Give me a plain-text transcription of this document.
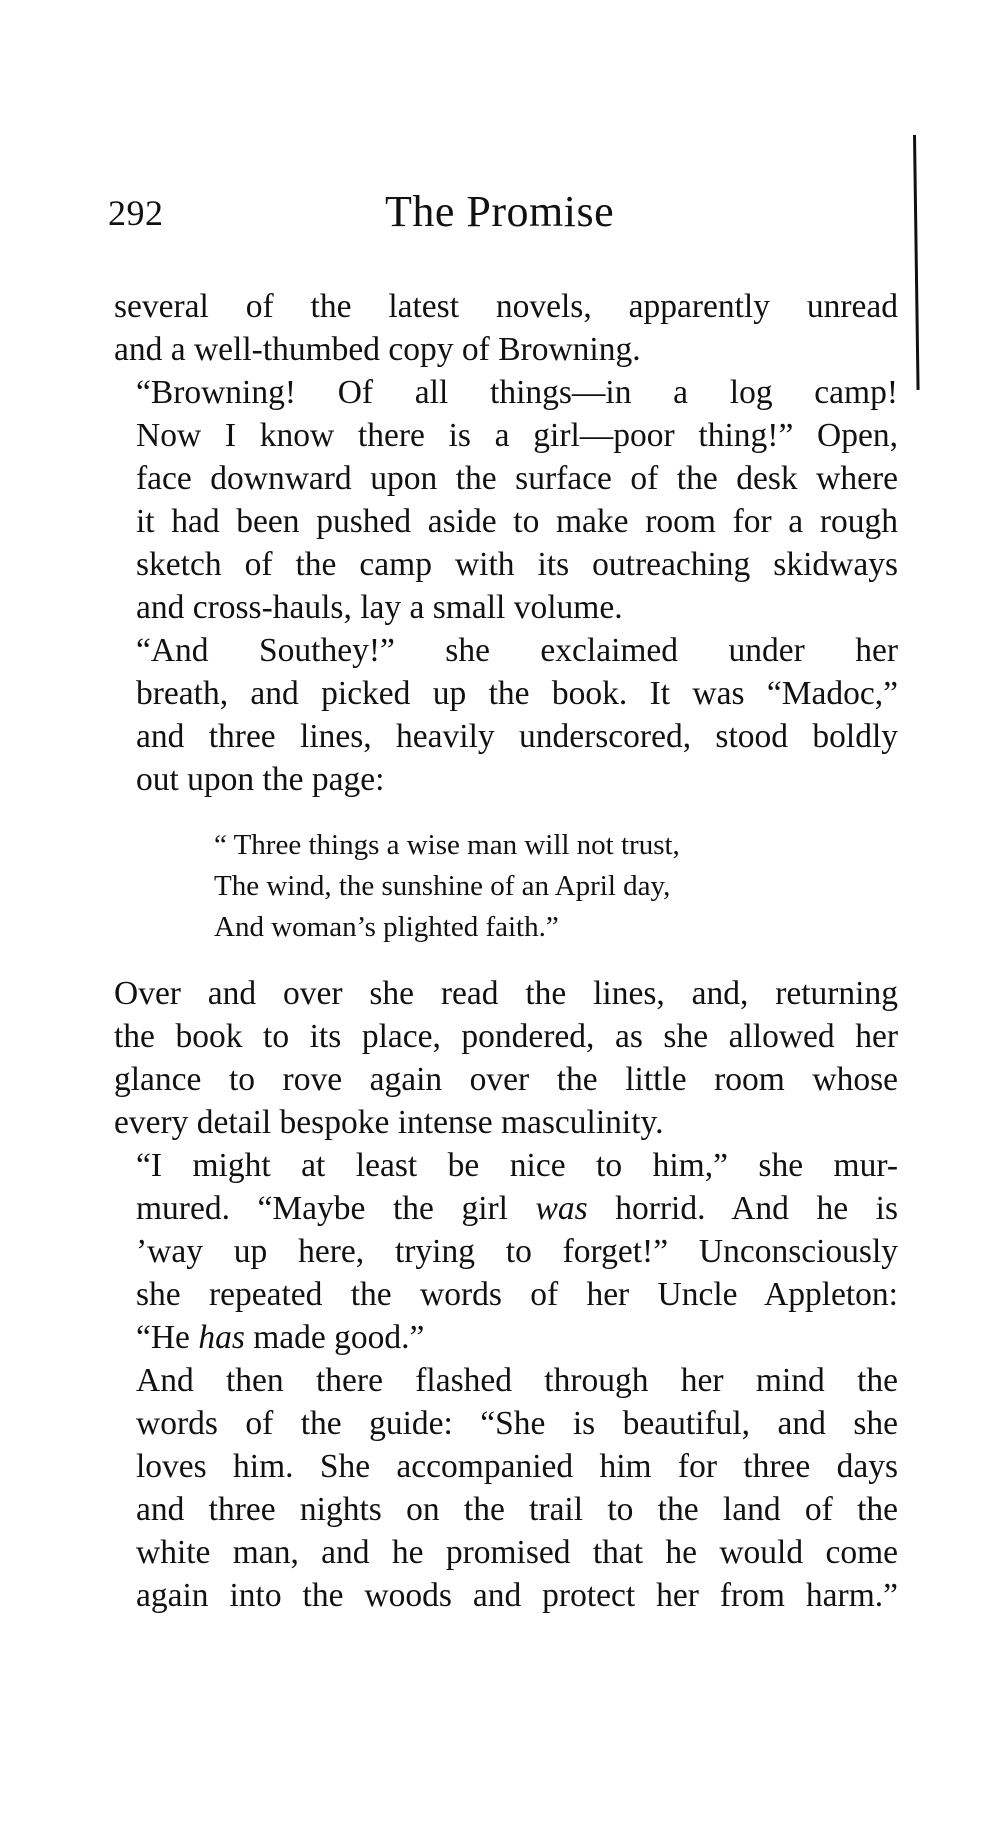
292	The Promise

several of the latest novels, apparently unread
and a well-thumbed copy of Browning.

“Browning! Of all things—in a log camp!
Now I know there is a girl—poor thing!” Open,
face downward upon the surface of the desk where
it had been pushed aside to make room for a rough
sketch of the camp with its outreaching skidways
and cross-hauls, lay a small volume.

“And Southey!” she exclaimed under her
breath, and picked up the book. It was “Madoc,”
and three lines, heavily underscored, stood boldly
out upon the page:

“ Three things a wise man will not trust,
The wind, the sunshine of an April day,
And woman’s plighted faith.”

Over and over she read the lines, and, returning
the book to its place, pondered, as she allowed her
glance to rove again over the little room whose
every detail bespoke intense masculinity.

“I might at least be nice to him,” she mur-
mured. “Maybe the girl was horrid. And he is
’way up here, trying to forget!” Unconsciously
she repeated the words of her Uncle Appleton:
“He has made good.”

And then there flashed through her mind the
words of the guide: “She is beautiful, and she
loves him. She accompanied him for three days
and three nights on the trail to the land of the
white man, and he promised that he would come
again into the woods and protect her from harm.”
